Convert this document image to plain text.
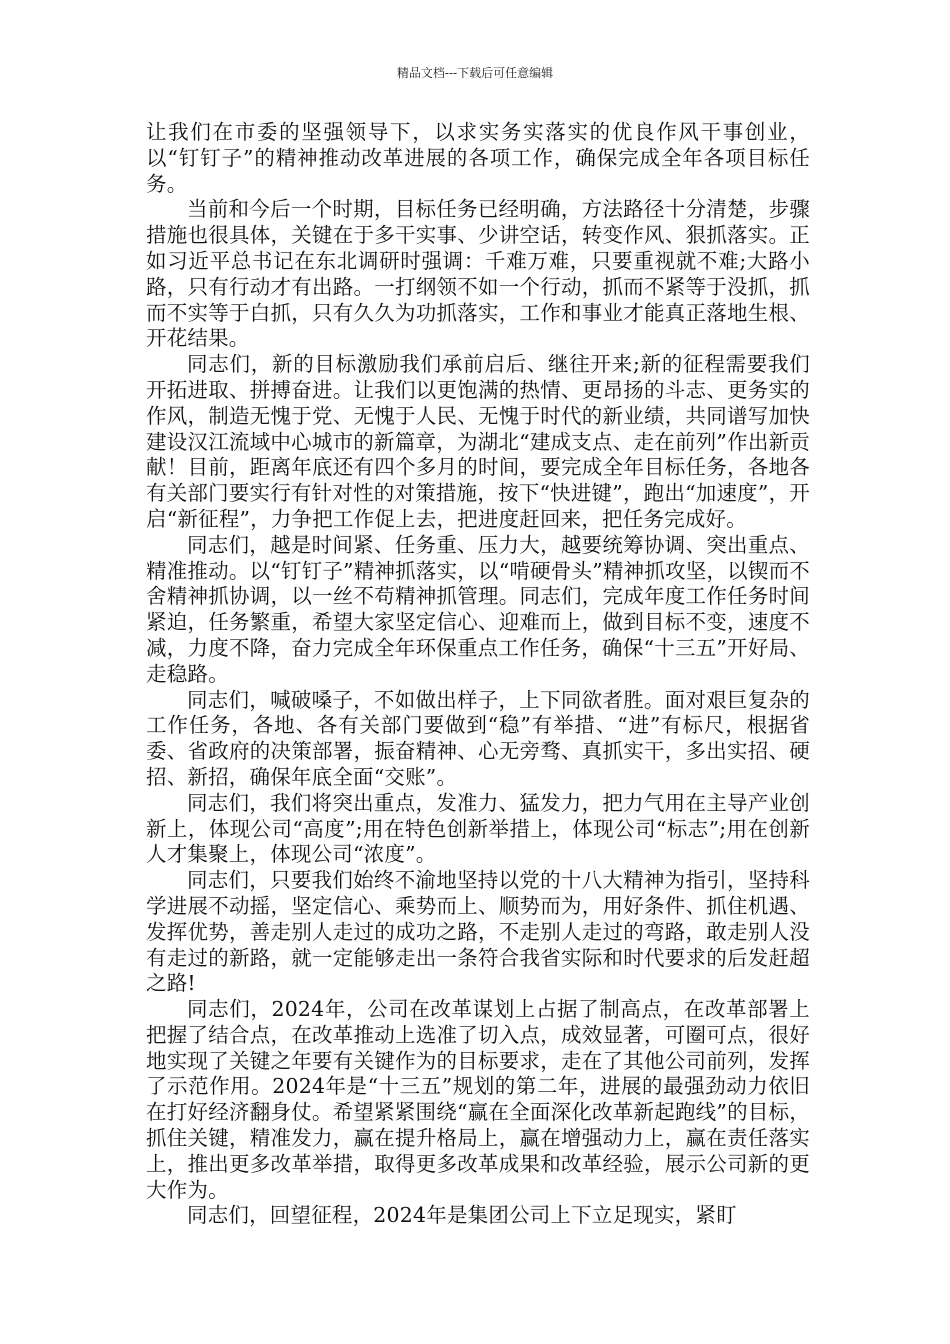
精品文档---下载后可任意编辑

让我们在市委的坚强领导下，以求实务实落实的优良作风干事创业，以“钉钉子”的精神推动改革进展的各项工作，确保完成全年各项目标任务。

当前和今后一个时期，目标任务已经明确，方法路径十分清楚，步骤措施也很具体，关键在于多干实事、少讲空话，转变作风、狠抓落实。正如习近平总书记在东北调研时强调：千难万难，只要重视就不难;大路小路，只有行动才有出路。一打纲领不如一个行动，抓而不紧等于没抓，抓而不实等于白抓，只有久久为功抓落实，工作和事业才能真正落地生根、开花结果。

同志们，新的目标激励我们承前启后、继往开来;新的征程需要我们开拓进取、拼搏奋进。让我们以更饱满的热情、更昂扬的斗志、更务实的作风，制造无愧于党、无愧于人民、无愧于时代的新业绩，共同谱写加快建设汉江流域中心城市的新篇章，为湖北“建成支点、走在前列”作出新贡献！目前，距离年底还有四个多月的时间，要完成全年目标任务，各地各有关部门要实行有针对性的对策措施，按下“快进键”，跑出“加速度”，开启“新征程”，力争把工作促上去，把进度赶回来，把任务完成好。

同志们，越是时间紧、任务重、压力大，越要统筹协调、突出重点、精准推动。以“钉钉子”精神抓落实，以“啃硬骨头”精神抓攻坚，以锲而不舍精神抓协调，以一丝不苟精神抓管理。同志们，完成年度工作任务时间紧迫，任务繁重，希望大家坚定信心、迎难而上，做到目标不变，速度不减，力度不降，奋力完成全年环保重点工作任务，确保“十三五”开好局、走稳路。

同志们，喊破嗓子，不如做出样子，上下同欲者胜。面对艰巨复杂的工作任务，各地、各有关部门要做到“稳”有举措、“进”有标尺，根据省委、省政府的决策部署，振奋精神、心无旁骛、真抓实干，多出实招、硬招、新招，确保年底全面“交账”。

同志们，我们将突出重点，发准力、猛发力，把力气用在主导产业创新上，体现公司“高度”;用在特色创新举措上，体现公司“标志”;用在创新人才集聚上，体现公司“浓度”。

同志们，只要我们始终不渝地坚持以党的十八大精神为指引，坚持科学进展不动摇，坚定信心、乘势而上、顺势而为，用好条件、抓住机遇、发挥优势，善走别人走过的成功之路，不走别人走过的弯路，敢走别人没有走过的新路，就一定能够走出一条符合我省实际和时代要求的后发赶超之路!

同志们，2024年，公司在改革谋划上占据了制高点，在改革部署上把握了结合点，在改革推动上选准了切入点，成效显著，可圈可点，很好地实现了关键之年要有关键作为的目标要求，走在了其他公司前列，发挥了示范作用。2024年是“十三五”规划的第二年，进展的最强劲动力依旧在打好经济翻身仗。希望紧紧围绕“赢在全面深化改革新起跑线”的目标，抓住关键，精准发力，赢在提升格局上，赢在增强动力上，赢在责任落实上，推出更多改革举措，取得更多改革成果和改革经验，展示公司新的更大作为。

同志们，回望征程，2024年是集团公司上下立足现实，紧盯
